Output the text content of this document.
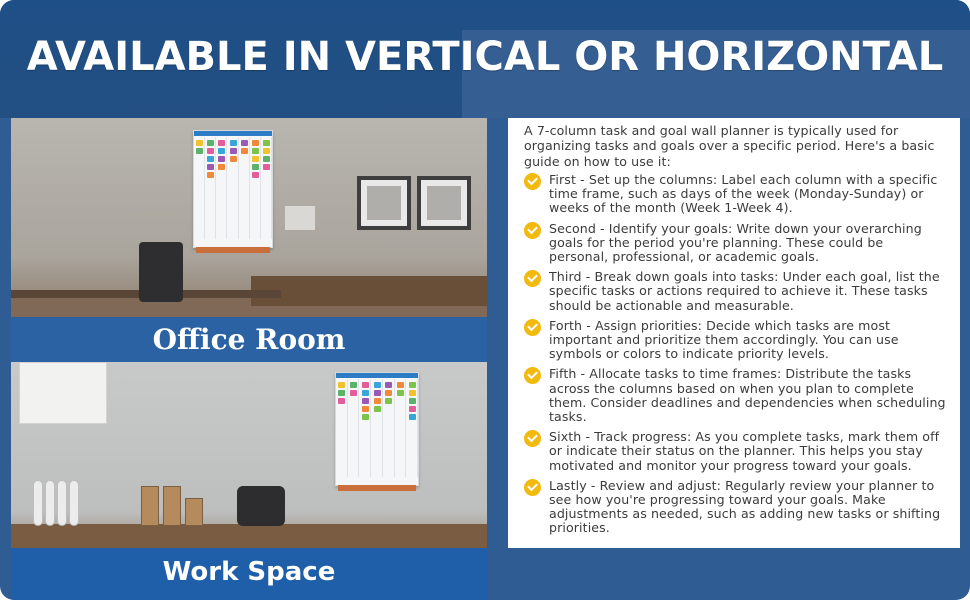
AVAILABLE IN VERTICAL OR HORIZONTAL
Office Room
Work Space

A 7-column task and goal wall planner is typically used for organizing tasks and goals over a specific period. Here's a basic guide on how to use it:

First - Set up the columns: Label each column with a specific time frame, such as days of the week (Monday-Sunday) or weeks of the month (Week 1-Week 4).
Second - Identify your goals: Write down your overarching goals for the period you're planning. These could be personal, professional, or academic goals.
Third - Break down goals into tasks: Under each goal, list the specific tasks or actions required to achieve it. These tasks should be actionable and measurable.
Forth - Assign priorities: Decide which tasks are most important and prioritize them accordingly. You can use symbols or colors to indicate priority levels.
Fifth - Allocate tasks to time frames: Distribute the tasks across the columns based on when you plan to complete them. Consider deadlines and dependencies when scheduling tasks.
Sixth - Track progress: As you complete tasks, mark them off or indicate their status on the planner. This helps you stay motivated and monitor your progress toward your goals.
Lastly - Review and adjust: Regularly review your planner to see how you're progressing toward your goals. Make adjustments as needed, such as adding new tasks or shifting priorities.
